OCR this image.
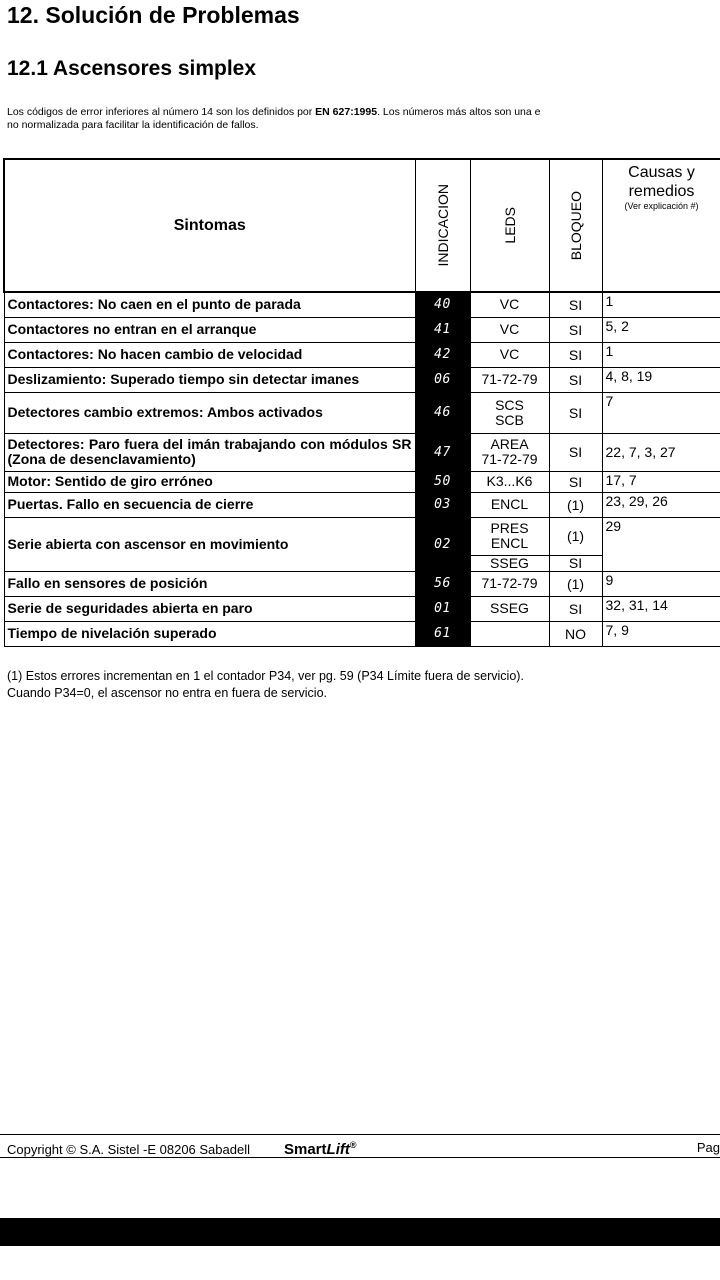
12. Solución de Problemas
12.1 Ascensores simplex
Los códigos de error inferiores al número 14 son los definidos por EN 627:1995. Los números más altos son una e
no normalizada para facilitar la identificación de fallos.
Sintomas	INDICACION	LEDS	BLOQUEO	Causas y
remedios
(Ver explicación #)

Contactores: No caen en el punto de parada	40	VC	SI	1
Contactores no entran en el arranque	41	VC	SI	5, 2
Contactores: No hacen cambio de velocidad	42	VC	SI	1
Deslizamiento: Superado tiempo sin detectar imanes	06	71-72-79	SI	4, 8, 19
Detectores cambio extremos: Ambos activados	46	SCS
SCB	SI	7
Detectores: Paro fuera del imán trabajando con módulos SR (Zona de desenclavamiento)	47	AREA
71-72-79	SI	22, 7, 3, 27
Motor: Sentido de giro erróneo	50	K3...K6	SI	17, 7
Puertas. Fallo en secuencia de cierre	03	ENCL	(1)	23, 29, 26
Serie abierta con ascensor en movimiento	02	PRES
ENCL	(1)	29
		SSEG	SI	
Fallo en sensores de posición	56	71-72-79	(1)	9
Serie de seguridades abierta en paro	01	SSEG	SI	32, 31, 14
Tiempo de nivelación superado	61		NO	7, 9
(1) Estos errores incrementan en 1 el contador P34, ver pg. 59 (P34 Límite fuera de servicio).
Cuando P34=0, el ascensor no entra en fuera de servicio.
Copyright © S.A. Sistel -E 08206 Sabadell SmartLift®	Pag
